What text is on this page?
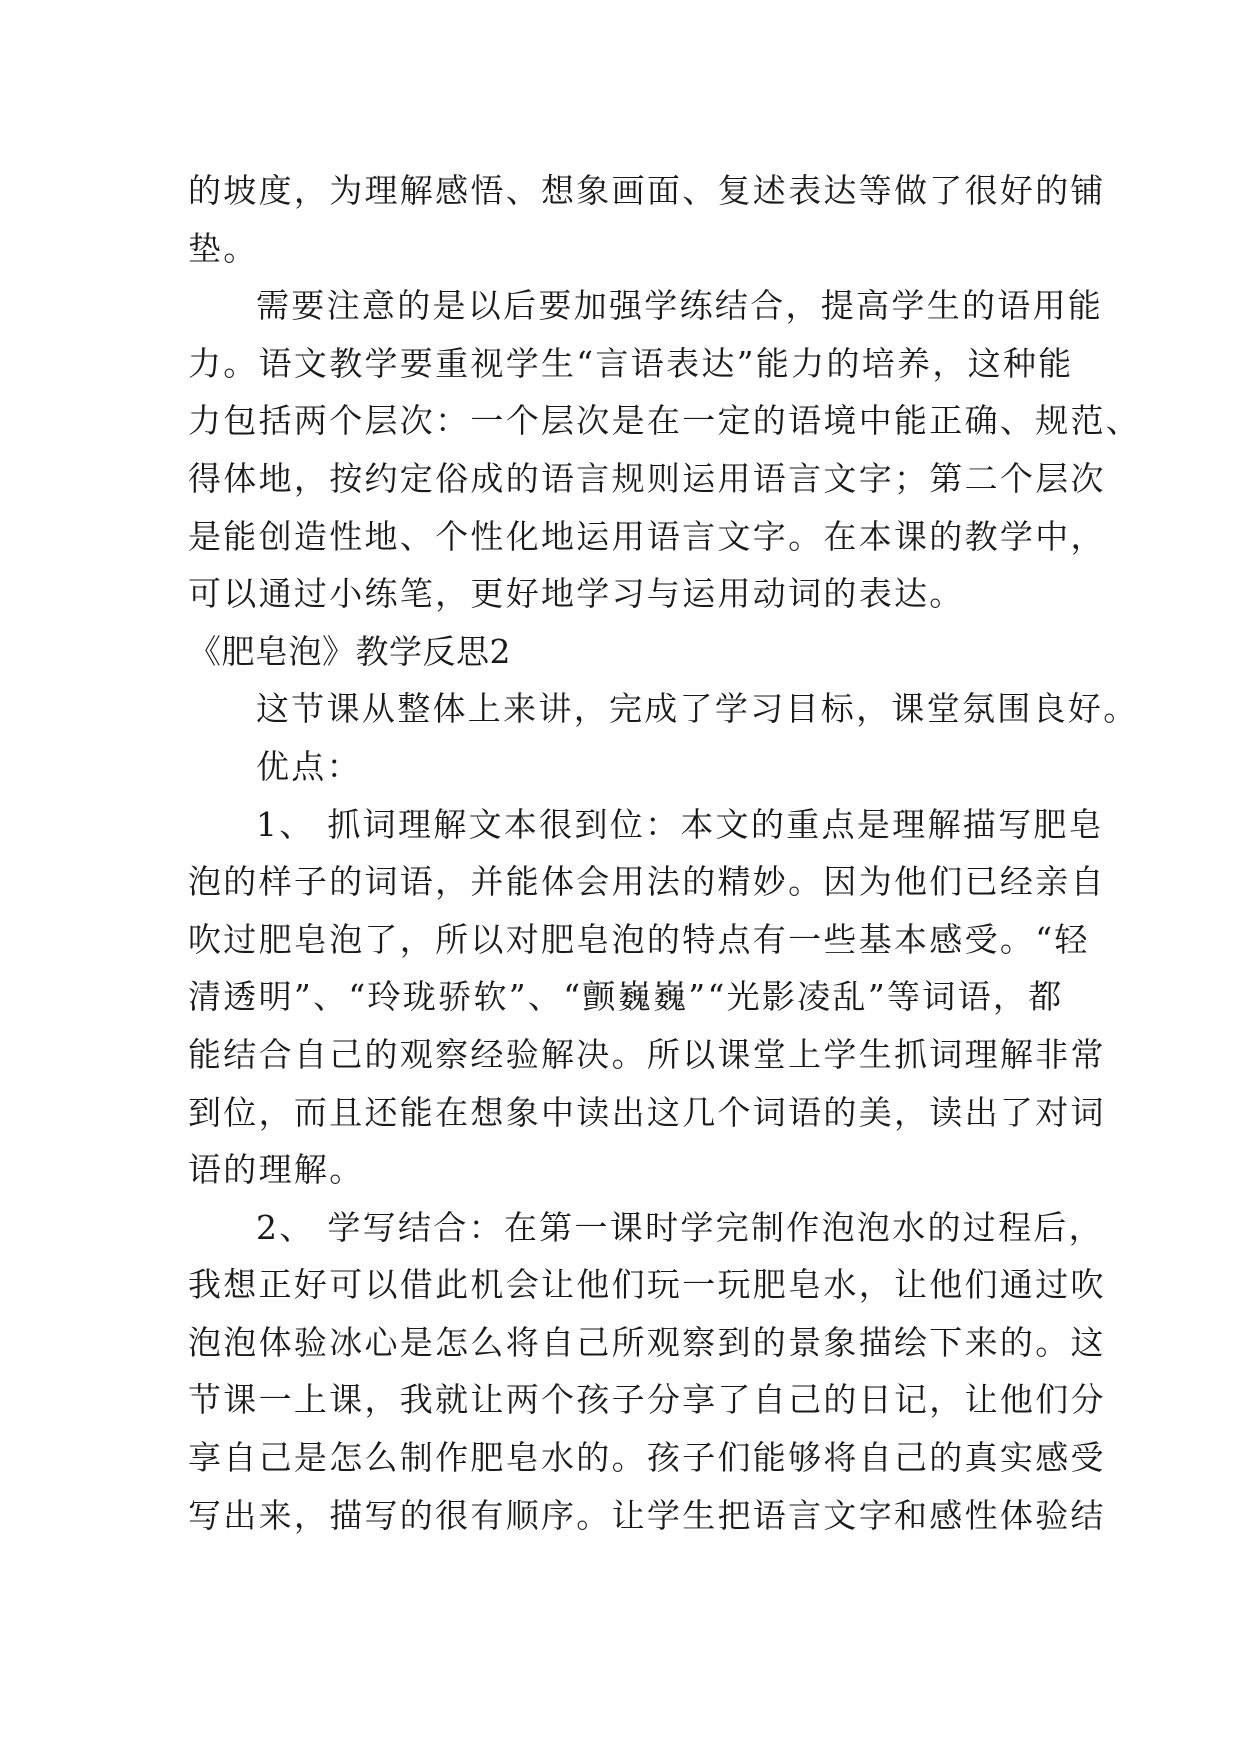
的坡度，为理解感悟、想象画面、复述表达等做了很好的铺
垫。
需要注意的是以后要加强学练结合，提高学生的语用能
力。语文教学要重视学生“言语表达”能力的培养，这种能
力包括两个层次：一个层次是在一定的语境中能正确、规范、
得体地，按约定俗成的语言规则运用语言文字；第二个层次
是能创造性地、个性化地运用语言文字。在本课的教学中，
可以通过小练笔，更好地学习与运用动词的表达。
《肥皂泡》教学反思2
这节课从整体上来讲，完成了学习目标，课堂氛围良好。
优点：
1、 抓词理解文本很到位：本文的重点是理解描写肥皂
泡的样子的词语，并能体会用法的精妙。因为他们已经亲自
吹过肥皂泡了，所以对肥皂泡的特点有一些基本感受。“轻
清透明”、“玲珑骄软”、“颤巍巍”“光影凌乱”等词语，都
能结合自己的观察经验解决。所以课堂上学生抓词理解非常
到位，而且还能在想象中读出这几个词语的美，读出了对词
语的理解。
2、 学写结合：在第一课时学完制作泡泡水的过程后，
我想正好可以借此机会让他们玩一玩肥皂水，让他们通过吹
泡泡体验冰心是怎么将自己所观察到的景象描绘下来的。这
节课一上课，我就让两个孩子分享了自己的日记，让他们分
享自己是怎么制作肥皂水的。孩子们能够将自己的真实感受
写出来，描写的很有顺序。让学生把语言文字和感性体验结
